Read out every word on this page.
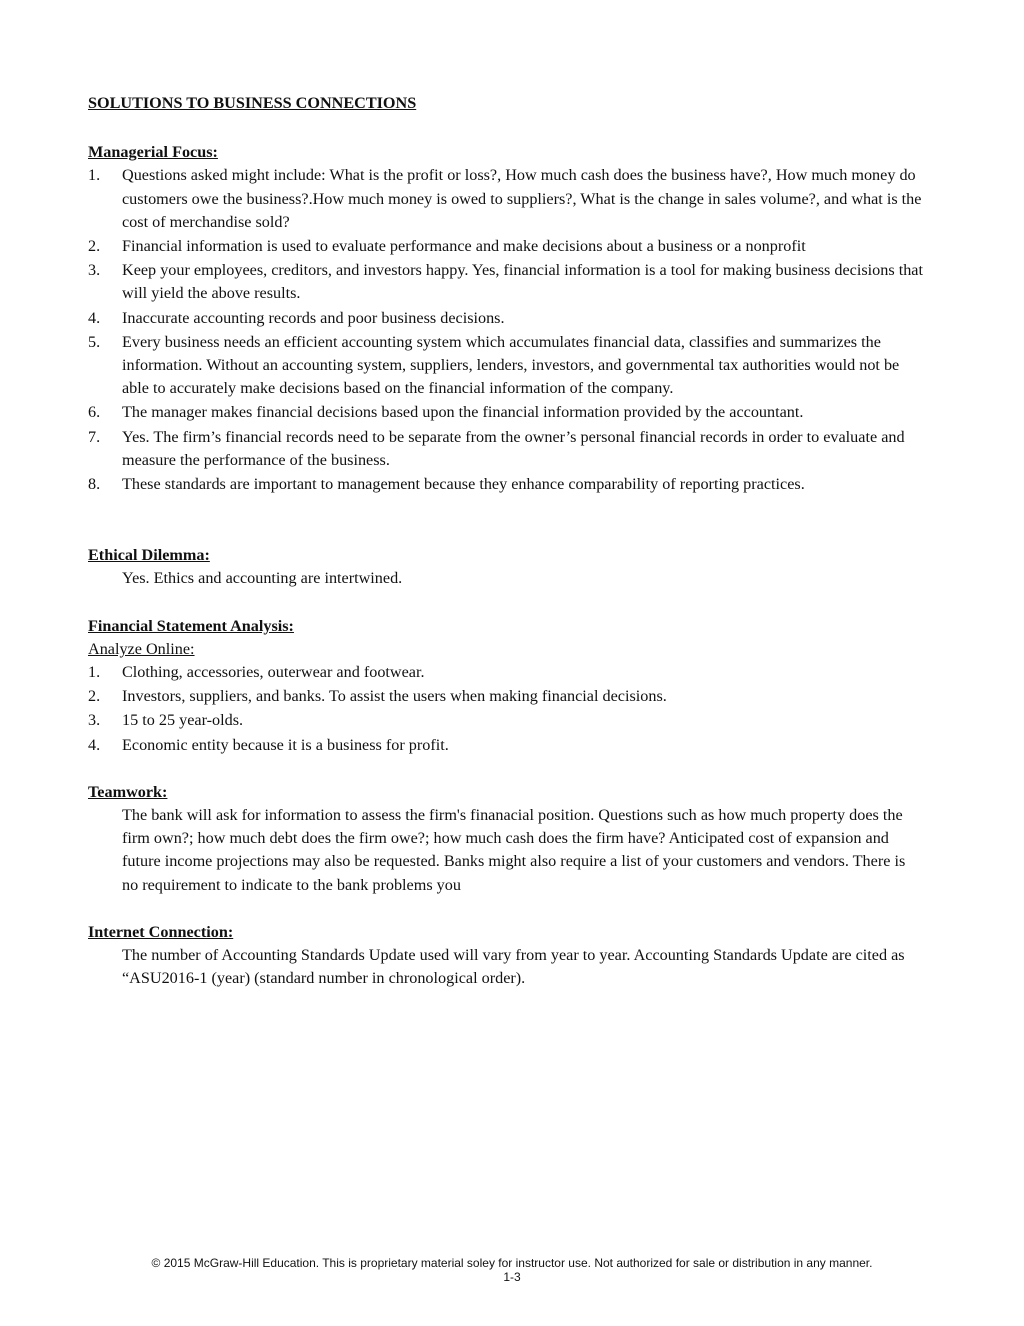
SOLUTIONS TO BUSINESS CONNECTIONS

Managerial Focus:

1.	Questions asked might include: What is the profit or loss?, How much cash does the business have?, How much money do customers owe the business?.How much money is owed to suppliers?, What is the change in sales volume?, and what is the cost of merchandise sold?
2.	Financial information is used to evaluate performance and make decisions about a business or a nonprofit
3.	Keep your employees, creditors, and investors happy. Yes, financial information is a tool for making business decisions that will yield the above results.
4.	Inaccurate accounting records and poor business decisions.
5.	Every business needs an efficient accounting system which accumulates financial data, classifies and summarizes the information. Without an accounting system, suppliers, lenders, investors, and governmental tax authorities would not be able to accurately make decisions based on the financial information of the company.
6.	The manager makes financial decisions based upon the financial information provided by the accountant.
7.	Yes. The firm’s financial records need to be separate from the owner’s personal financial records in order to evaluate and measure the performance of the business.
8.	These standards are important to management because they enhance comparability of reporting practices.

Ethical Dilemma:

Yes. Ethics and accounting are intertwined.

Financial Statement Analysis:

Analyze Online:

1.	Clothing, accessories, outerwear and footwear.
2.	Investors, suppliers, and banks. To assist the users when making financial decisions.
3.	15 to 25 year-olds.
4.	Economic entity because it is a business for profit.

Teamwork:

The bank will ask for information to assess the firm's finanacial position. Questions such as how much property does the firm own?; how much debt does the firm owe?; how much cash does the firm have? Anticipated cost of expansion and future income projections may also be requested. Banks might also require a list of your customers and vendors. There is no requirement to indicate to the bank problems you

Internet Connection:

The number of Accounting Standards Update used will vary from year to year. Accounting Standards Update are cited as “ASU2016-1 (year) (standard number in chronological order).

© 2015 McGraw-Hill Education. This is proprietary material soley for instructor use. Not authorized for sale or distribution in any manner.
1-3
